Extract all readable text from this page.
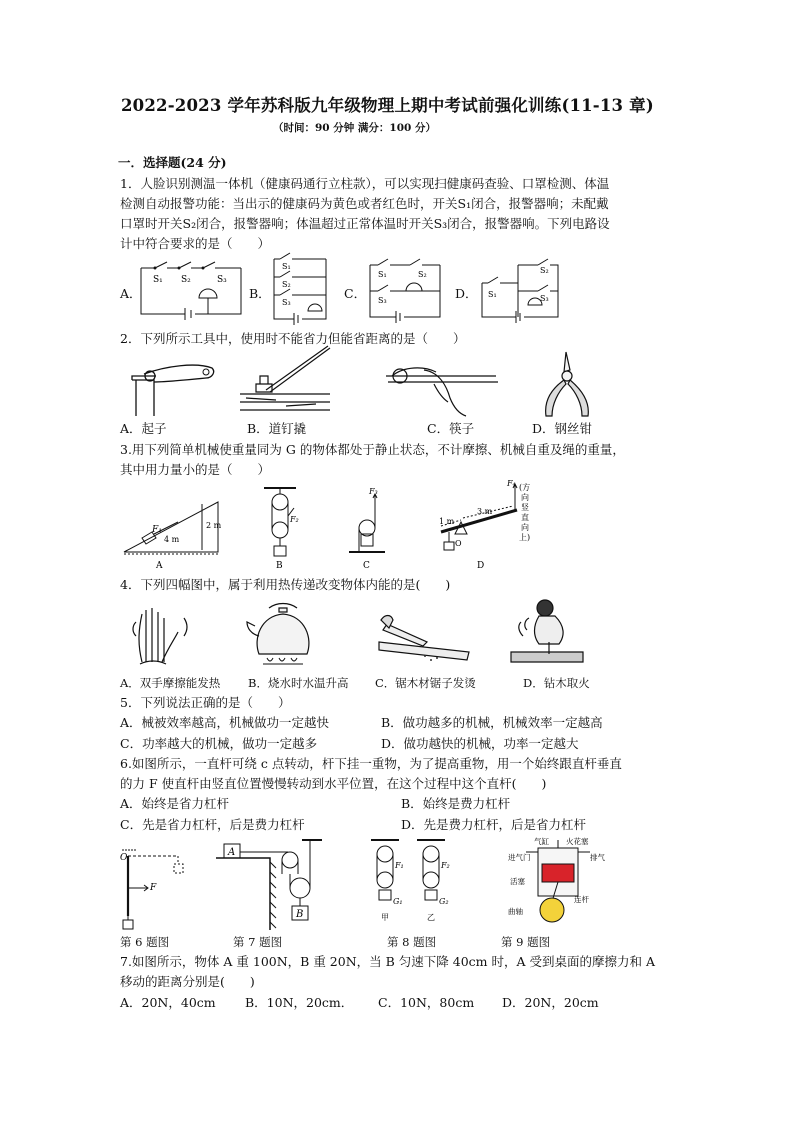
2022-2023 学年苏科版九年级物理上期中考试前强化训练(11-13 章)
（时间：90 分钟 满分：100 分）
一．选择题(24 分)
1．人脸识别测温一体机（健康码通行立柱款），可以实现扫健康码查验、口罩检测、体温
检测自动报警功能：当出示的健康码为黄色或者红色时，开关S₁闭合，报警器响；未配戴
口罩时开关S₂闭合，报警器响；体温超过正常体温时开关S₃闭合，报警器响。下列电路设
计中符合要求的是（　　）
A．	B．	C．	D．
S₁ S₂	S₃
S₁
S₂
S₃
S₁	S₂
S₃
S₁
S₂
S₃
2．下列所示工具中，使用时不能省力但能省距离的是（　　）
A．起子	B．道钉撬	C．筷子	D．钢丝钳
3.用下列简单机械使重量同为 G 的物体都处于静止状态，不计摩擦、机械自重及绳的重量，
其中用力量小的是（　　）
F₁
4 m
2 m
A
F₂
B
F₃
C
F₄
1 m
3 m
O
D
(方
向
竖
直
向
上)
4．下列四幅图中，属于利用热传递改变物体内能的是(　　)
A．双手摩擦能发热 B．烧水时水温升高 C．锯木材锯子发烫	D．钻木取火
5．下列说法正确的是（　　）
A．械被效率越高，机械做功一定越快	B．做功越多的机械，机械效率一定越高
C．功率越大的机械，做功一定越多	D．做功越快的机械，功率一定越大
6.如图所示，一直杆可绕 c 点转动，杆下挂一重物，为了提高重物，用一个始终跟直杆垂直
的力 F 使直杆由竖直位置慢慢转动到水平位置，在这个过程中这个直杆(　　)
A．始终是省力杠杆	B．始终是费力杠杆
C．先是省力杠杆，后是费力杠杆	D．先是费力杠杆，后是省力杠杆
O
F
A
B
F₁	F₂
G₁	G₂
甲	乙
气缸 火花塞
进气门	排气
活塞
曲轴
连杆
第 6 题图	第 7 题图	第 8 题图	第 9 题图
7.如图所示，物体 A 重 100N，B 重 20N，当 B 匀速下降 40cm 时，A 受到桌面的摩擦力和 A
移动的距离分别是(　　)
A．20N，40cm B．10N，20cm． C．10N，80cm D．20N，20cm
